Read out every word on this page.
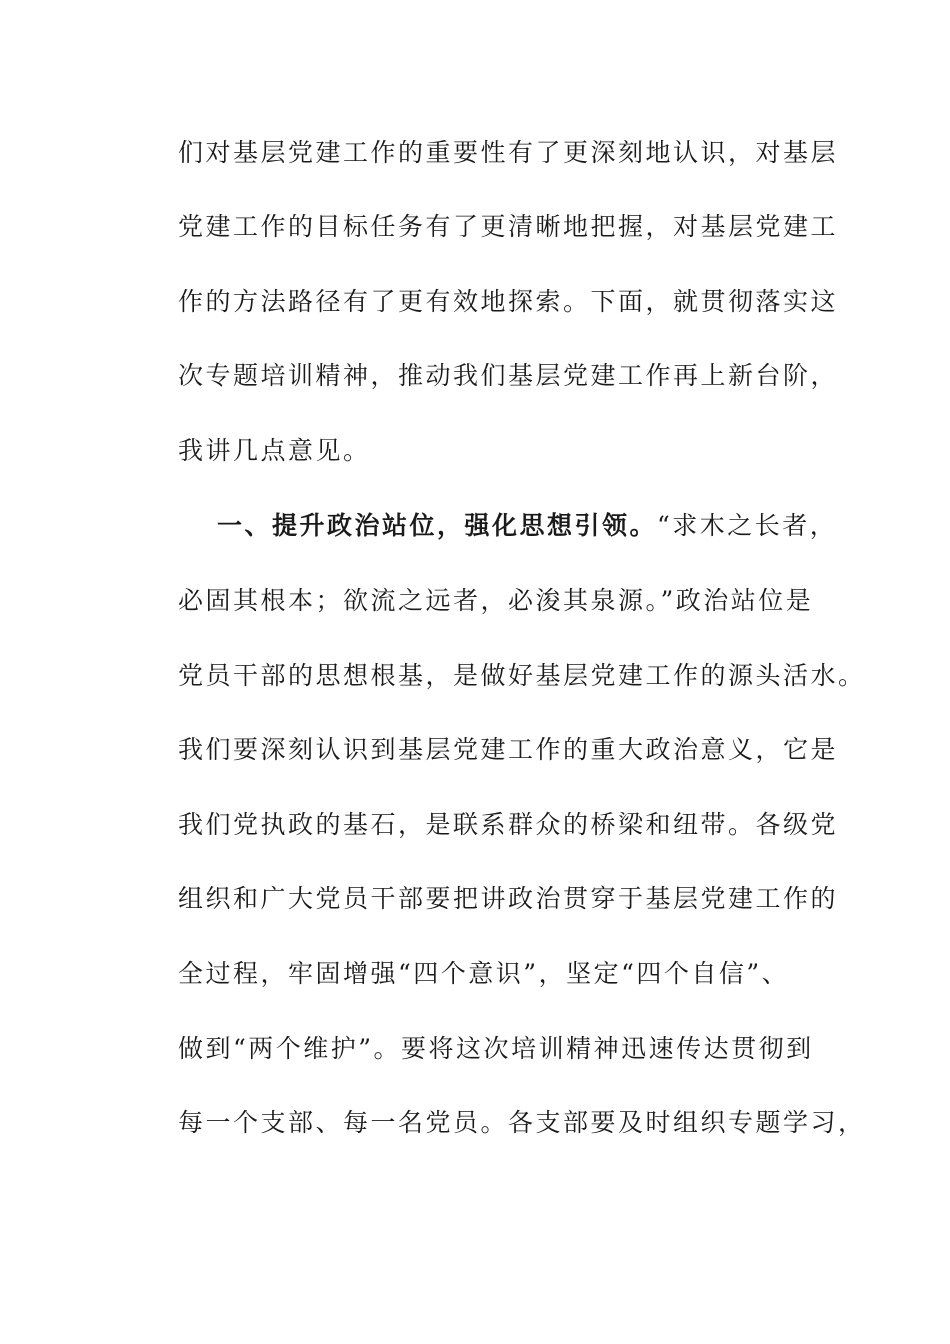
们对基层党建工作的重要性有了更深刻地认识，对基层
党建工作的目标任务有了更清晰地把握，对基层党建工
作的方法路径有了更有效地探索。下面，就贯彻落实这
次专题培训精神，推动我们基层党建工作再上新台阶，
我讲几点意见。
一、提升政治站位，强化思想引领。“求木之长者，
必固其根本；欲流之远者，必浚其泉源。”政治站位是
党员干部的思想根基，是做好基层党建工作的源头活水。
我们要深刻认识到基层党建工作的重大政治意义，它是
我们党执政的基石，是联系群众的桥梁和纽带。各级党
组织和广大党员干部要把讲政治贯穿于基层党建工作的
全过程，牢固增强“四个意识”，坚定“四个自信”、
做到“两个维护”。要将这次培训精神迅速传达贯彻到
每一个支部、每一名党员。各支部要及时组织专题学习，
